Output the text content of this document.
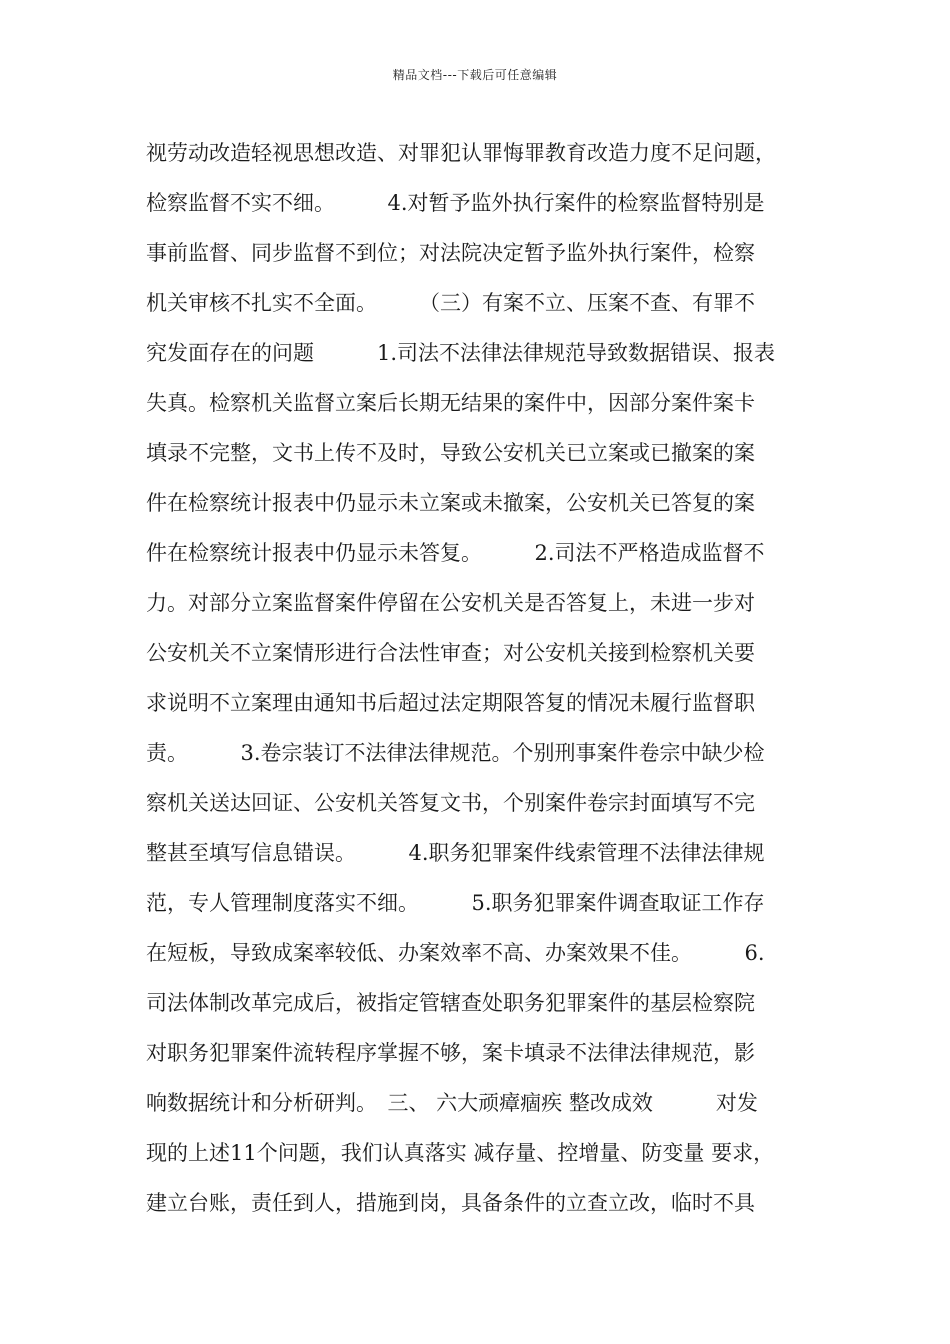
精品文档---下载后可任意编辑
视劳动改造轻视思想改造、对罪犯认罪悔罪教育改造力度不足问题，
检察监督不实不细。　　　4.对暂予监外执行案件的检察监督特别是
事前监督、同步监督不到位；对法院决定暂予监外执行案件，检察
机关审核不扎实不全面。　　　（三）有案不立、压案不查、有罪不
究发面存在的问题　　　1.司法不法律法律规范导致数据错误、报表
失真。检察机关监督立案后长期无结果的案件中，因部分案件案卡
填录不完整，文书上传不及时，导致公安机关已立案或已撤案的案
件在检察统计报表中仍显示未立案或未撤案，公安机关已答复的案
件在检察统计报表中仍显示未答复。　　　2.司法不严格造成监督不
力。对部分立案监督案件停留在公安机关是否答复上，未进一步对
公安机关不立案情形进行合法性审查；对公安机关接到检察机关要
求说明不立案理由通知书后超过法定期限答复的情况未履行监督职
责。　　　3.卷宗装订不法律法律规范。个别刑事案件卷宗中缺少检
察机关送达回证、公安机关答复文书，个别案件卷宗封面填写不完
整甚至填写信息错误。　　　4.职务犯罪案件线索管理不法律法律规
范，专人管理制度落实不细。　　　5.职务犯罪案件调查取证工作存
在短板，导致成案率较低、办案效率不高、办案效果不佳。　　　6.
司法体制改革完成后，被指定管辖查处职务犯罪案件的基层检察院
对职务犯罪案件流转程序掌握不够，案卡填录不法律法律规范，影
响数据统计和分析研判。　三、 六大顽瘴痼疾 整改成效　　　对发
现的上述11个问题，我们认真落实 减存量、控增量、防变量 要求，
建立台账，责任到人，措施到岗，具备条件的立查立改，临时不具
